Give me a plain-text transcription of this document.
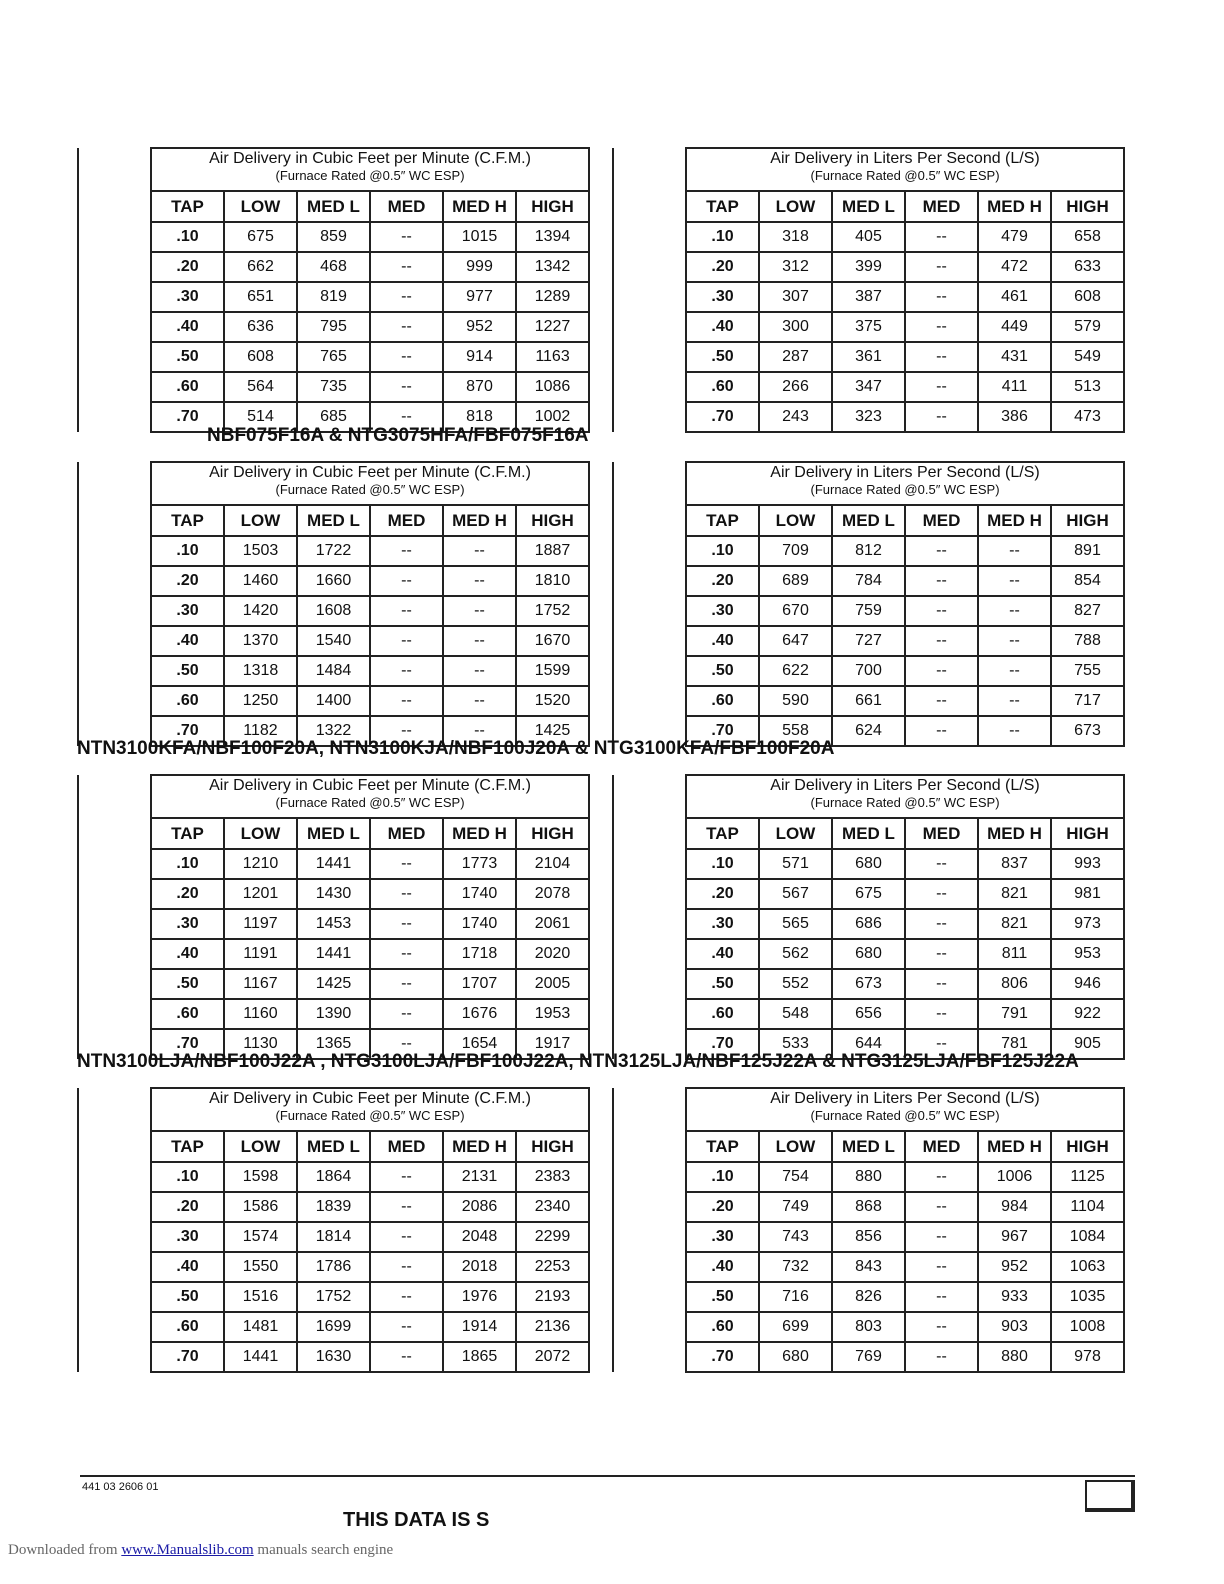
	Air Delivery in Cubic Feet per Minute (C.F.M.)
(Furnace Rated @0.5″ WC ESP)					

	TAP	LOW	MED L	MED	MED H	HIGH
	.10	675	859	--	1015	1394
	.20	662	468	--	999	1342
	.30	651	819	--	977	1289
	.40	636	795	--	952	1227
	.50	608	765	--	914	1163
	.60	564	735	--	870	1086
	.70	514	685	--	818	1002

	Air Delivery in Liters Per Second (L/S)
(Furnace Rated @0.5″ WC ESP)					

	TAP	LOW	MED L	MED	MED H	HIGH
	.10	318	405	--	479	658
	.20	312	399	--	472	633
	.30	307	387	--	461	608
	.40	300	375	--	449	579
	.50	287	361	--	431	549
	.60	266	347	--	411	513
	.70	243	323	--	386	473
NBF075F16A & NTG3075HFA/FBF075F16A

	Air Delivery in Cubic Feet per Minute (C.F.M.)
(Furnace Rated @0.5″ WC ESP)					

	TAP	LOW	MED L	MED	MED H	HIGH
	.10	1503	1722	--	--	1887
	.20	1460	1660	--	--	1810
	.30	1420	1608	--	--	1752
	.40	1370	1540	--	--	1670
	.50	1318	1484	--	--	1599
	.60	1250	1400	--	--	1520
	.70	1182	1322	--	--	1425

	Air Delivery in Liters Per Second (L/S)
(Furnace Rated @0.5″ WC ESP)					

	TAP	LOW	MED L	MED	MED H	HIGH
	.10	709	812	--	--	891
	.20	689	784	--	--	854
	.30	670	759	--	--	827
	.40	647	727	--	--	788
	.50	622	700	--	--	755
	.60	590	661	--	--	717
	.70	558	624	--	--	673
NTN3100KFA/NBF100F20A, NTN3100KJA/NBF100J20A & NTG3100KFA/FBF100F20A

	Air Delivery in Cubic Feet per Minute (C.F.M.)
(Furnace Rated @0.5″ WC ESP)					

	TAP	LOW	MED L	MED	MED H	HIGH
	.10	1210	1441	--	1773	2104
	.20	1201	1430	--	1740	2078
	.30	1197	1453	--	1740	2061
	.40	1191	1441	--	1718	2020
	.50	1167	1425	--	1707	2005
	.60	1160	1390	--	1676	1953
	.70	1130	1365	--	1654	1917

	Air Delivery in Liters Per Second (L/S)
(Furnace Rated @0.5″ WC ESP)					

	TAP	LOW	MED L	MED	MED H	HIGH
	.10	571	680	--	837	993
	.20	567	675	--	821	981
	.30	565	686	--	821	973
	.40	562	680	--	811	953
	.50	552	673	--	806	946
	.60	548	656	--	791	922
	.70	533	644	--	781	905
NTN3100LJA/NBF100J22A , NTG3100LJA/FBF100J22A, NTN3125LJA/NBF125J22A & NTG3125LJA/FBF125J22A

	Air Delivery in Cubic Feet per Minute (C.F.M.)
(Furnace Rated @0.5″ WC ESP)					

	TAP	LOW	MED L	MED	MED H	HIGH
	.10	1598	1864	--	2131	2383
	.20	1586	1839	--	2086	2340
	.30	1574	1814	--	2048	2299
	.40	1550	1786	--	2018	2253
	.50	1516	1752	--	1976	2193
	.60	1481	1699	--	1914	2136
	.70	1441	1630	--	1865	2072

	Air Delivery in Liters Per Second (L/S)
(Furnace Rated @0.5″ WC ESP)					

	TAP	LOW	MED L	MED	MED H	HIGH
	.10	754	880	--	1006	1125
	.20	749	868	--	984	1104
	.30	743	856	--	967	1084
	.40	732	843	--	952	1063
	.50	716	826	--	933	1035
	.60	699	803	--	903	1008
	.70	680	769	--	880	978
441 03 2606 01
THIS DATA IS S
Downloaded from www.Manualslib.com manuals search engine
